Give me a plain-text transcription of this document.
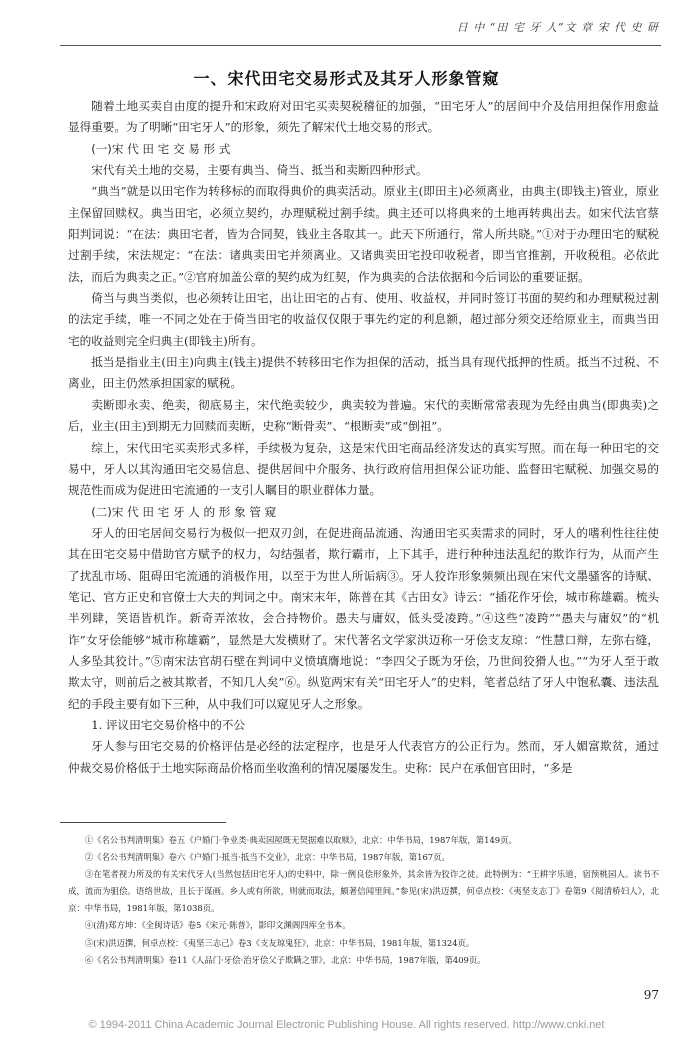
日 中 “田 宅 牙 人”文 章 宋 代 史 研
一、宋代田宅交易形式及其牙人形象管窥

随着土地买卖自由度的提升和宋政府对田宅买卖契税稽征的加强，“田宅牙人”的居间中介及信用担保作用愈益显得重要。为了明晰“田宅牙人”的形象，须先了解宋代土地交易的形式。

(一)宋 代 田 宅 交 易 形 式

宋代有关土地的交易，主要有典当、倚当、抵当和卖断四种形式。

“典当”就是以田宅作为转移标的而取得典价的典卖活动。原业主(即田主)必须离业，由典主(即钱主)管业，原业主保留回赎权。典当田宅，必须立契约，办理赋税过割手续。典主还可以将典来的土地再转典出去。如宋代法官蔡阳判词说：“在法：典田宅者，皆为合同契，钱业主各取其一。此天下所通行，常人所共晓。”①对于办理田宅的赋税过割手续，宋法规定：“在法：诸典卖田宅并须离业。又诸典卖田宅投印收税者，即当官推割，开收税租。必依此法，而后为典卖之正。”②官府加盖公章的契约成为红契，作为典卖的合法依据和今后词讼的重要证据。

倚当与典当类似，也必须转让田宅，出让田宅的占有、使用、收益权，并同时签订书面的契约和办理赋税过割的法定手续，唯一不同之处在于倚当田宅的收益仅仅限于事先约定的利息额，超过部分须交还给原业主，而典当田宅的收益则完全归典主(即钱主)所有。

抵当是指业主(田主)向典主(钱主)提供不转移田宅作为担保的活动，抵当具有现代抵押的性质。抵当不过税、不离业，田主仍然承担国家的赋税。

卖断即永卖、绝卖，彻底易主，宋代绝卖较少，典卖较为普遍。宋代的卖断常常表现为先经由典当(即典卖)之后，业主(田主)到期无力回赎而卖断，史称“断骨卖”、“根断卖”或“倒祖”。

综上，宋代田宅买卖形式多样，手续极为复杂，这是宋代田宅商品经济发达的真实写照。而在每一种田宅的交易中，牙人以其沟通田宅交易信息、提供居间中介服务、执行政府信用担保公证功能、监督田宅赋税、加强交易的规范性而成为促进田宅流通的一支引人瞩目的职业群体力量。

(二)宋 代 田 宅 牙 人 的 形 象 管 窥

牙人的田宅居间交易行为极似一把双刃剑，在促进商品流通、沟通田宅买卖需求的同时，牙人的嗜利性往往使其在田宅交易中借助官方赋予的权力，勾结强者，欺行霸市，上下其手，进行种种违法乱纪的欺诈行为，从而产生了扰乱市场、阻碍田宅流通的消极作用，以至于为世人所诟病③。牙人狡诈形象频频出现在宋代文墨骚客的诗赋、笔记、官方正史和官僚士大夫的判词之中。南宋末年，陈普在其《古田女》诗云：“插花作牙侩，城市称雄霸。梳头半列肆，笑语皆机诈。新奇弄浓妆，会合持物价。愚夫与庸奴，低头受凌跨。”④这些“凌跨”“愚夫与庸奴”的“机诈”女牙侩能够“城市称雄霸”，显然是大发横财了。宋代著名文学家洪迈称一牙侩支友琼：“性慧口辩，左弥右缝，人多坠其狡计。”⑤南宋法官胡石壁在判词中义愤填膺地说：“李四父子既为牙侩，乃世间狡猾人也。”“为牙人至于敢欺太守，则前后之被其欺者，不知几人矣”⑥。纵览两宋有关“田宅牙人”的史料，笔者总结了牙人中饱私囊、违法乱纪的手段主要有如下三种，从中我们可以窥见牙人之形象。

1. 评议田宅交易价格中的不公

牙人参与田宅交易的价格评估是必经的法定程序，也是牙人代表官方的公正行为。然而，牙人媚富欺贫，通过仲裁交易价格低于土地实际商品价格而坐收渔利的情况屡屡发生。史称：民户在承佃官田时，“多是

①《名公书判清明集》卷五《户婚门·争业类·典卖园屋既无契据难以取赎》，北京：中华书局，1987年版，第149页。

②《名公书判清明集》卷六《户婚门·抵当·抵当不交业》，北京：中华书局，1987年版，第167页。

③在笔者视力所及的有关宋代牙人(当然包括田宅牙人)的史料中，除一例良侩形象外，其余皆为狡诈之徒。此特例为：“王耕字乐道，宿预桃园人。读书不成，流而为驵侩。语络世故，且长于谋画。乡人或有所欲，则就而取法，颇著信闻里间。”参见(宋)洪迈撰，何卓点校：《夷坚支志丁》卷第9《阅清桥妇人》，北京：中华书局，1981年版，第1038页。

④(清)郑方坤：《全闽诗话》卷5《宋元·陈普》，影印文渊阁四库全书本。

⑤(宋)洪迈撰，何卓点校：《夷坚三志己》卷3《支友琼鬼狂》，北京：中华书局，1981年版，第1324页。

⑥《名公书判清明集》卷11《人品门·牙侩·治牙侩父子欺瞒之罪》，北京：中华书局，1987年版，第409页。

97
© 1994-2011 China Academic Journal Electronic Publishing House. All rights reserved. http://www.cnki.net
